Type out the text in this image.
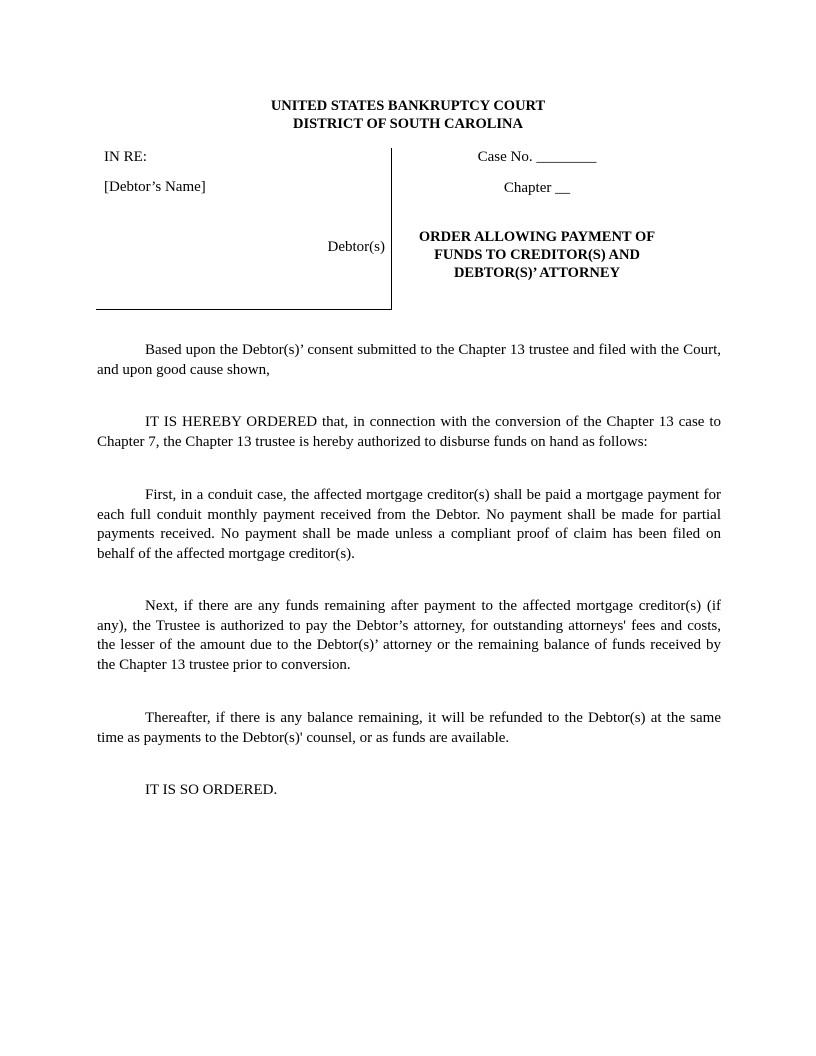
UNITED STATES BANKRUPTCY COURT
DISTRICT OF SOUTH CAROLINA
IN RE:
[Debtor’s Name]
Debtor(s)
Case No. ________
Chapter __
ORDER ALLOWING PAYMENT OF
FUNDS TO CREDITOR(S) AND
DEBTOR(S)’ ATTORNEY

Based upon the Debtor(s)’ consent submitted to the Chapter 13 trustee and filed with the Court, and upon good cause shown,

IT IS HEREBY ORDERED that, in connection with the conversion of the Chapter 13 case to Chapter 7, the Chapter 13 trustee is hereby authorized to disburse funds on hand as follows:

First, in a conduit case, the affected mortgage creditor(s) shall be paid a mortgage payment for each full conduit monthly payment received from the Debtor. No payment shall be made for partial payments received. No payment shall be made unless a compliant proof of claim has been filed on behalf of the affected mortgage creditor(s).

Next, if there are any funds remaining after payment to the affected mortgage creditor(s) (if any), the Trustee is authorized to pay the Debtor’s attorney, for outstanding attorneys' fees and costs, the lesser of the amount due to the Debtor(s)’ attorney or the remaining balance of funds received by the Chapter 13 trustee prior to conversion.

Thereafter, if there is any balance remaining, it will be refunded to the Debtor(s) at the same time as payments to the Debtor(s)' counsel, or as funds are available.

IT IS SO ORDERED.
